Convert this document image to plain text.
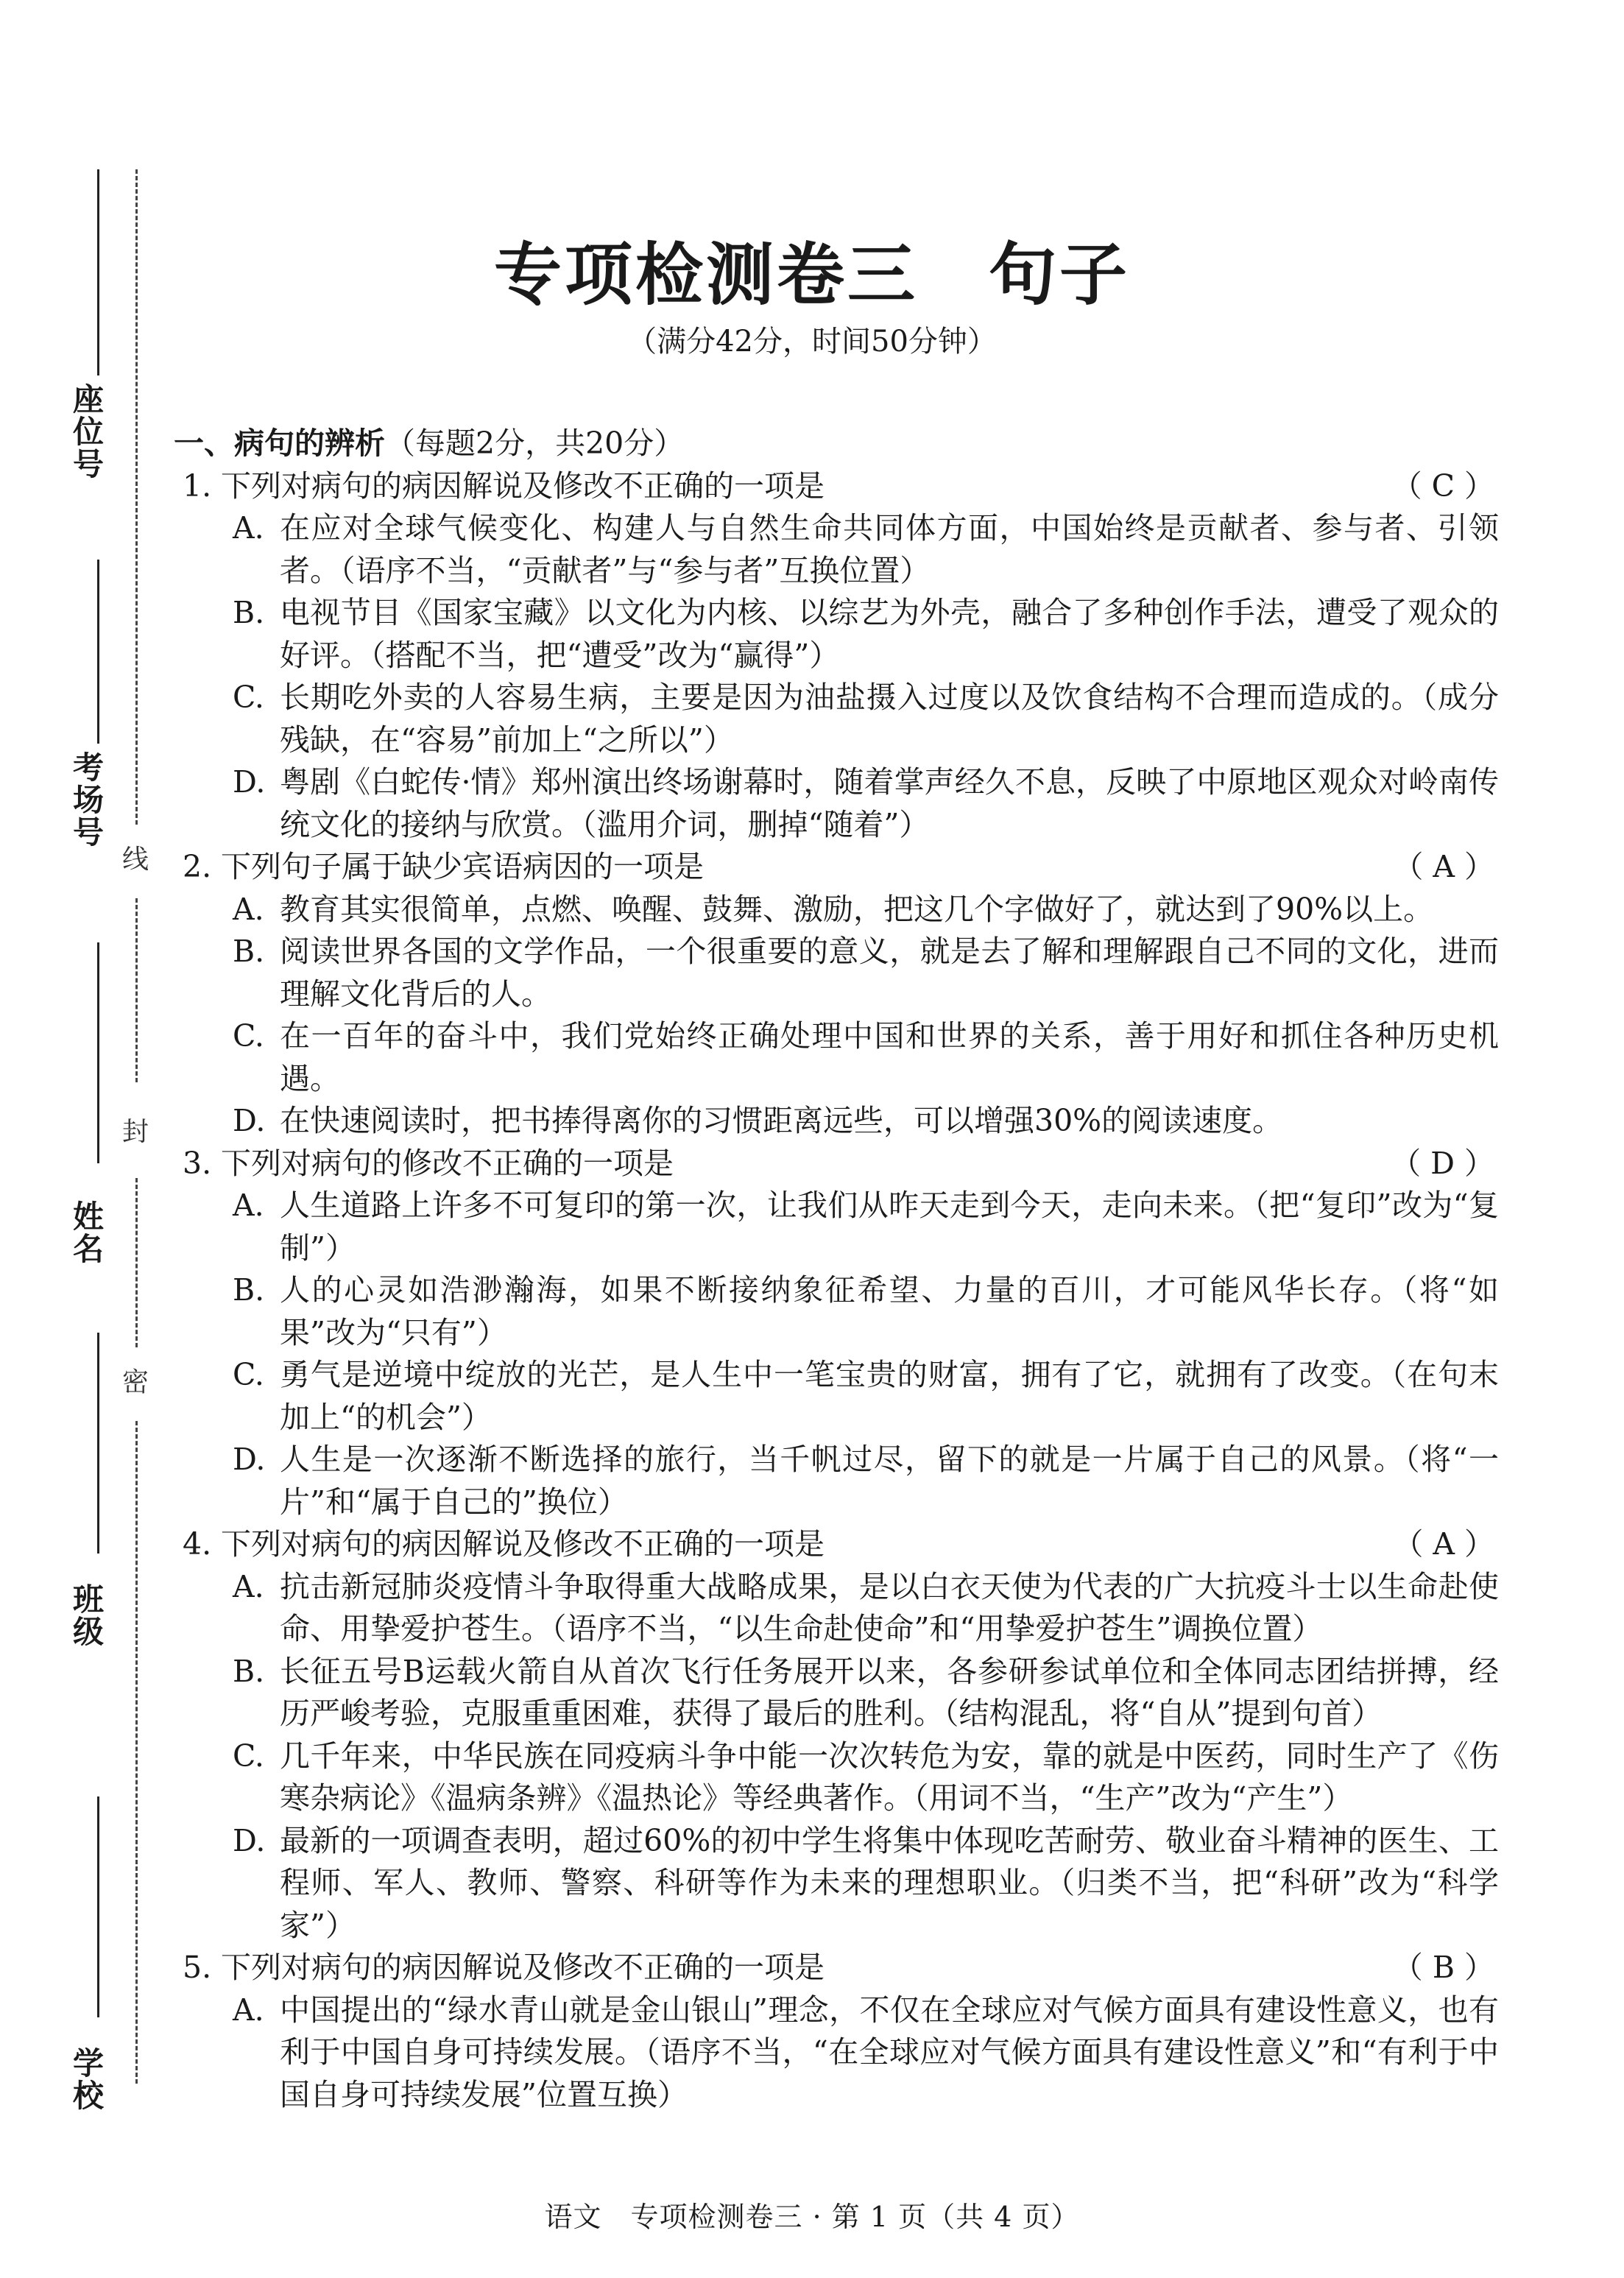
座位号
考场号
姓名
班级
学校
线
封
密
专项检测卷三　句子
（满分42分，时间50分钟）
一、病句的辨析（每题2分，共20分）
1. 下列对病句的病因解说及修改不正确的一项是	（ C ）
A. 在应对全球气候变化、构建人与自然生命共同体方面，中国始终是贡献者、参与者、引领者。（语序不当，“贡献者”与“参与者”互换位置）
B. 电视节目《国家宝藏》以文化为内核、以综艺为外壳，融合了多种创作手法，遭受了观众的好评。（搭配不当，把“遭受”改为“赢得”）
C. 长期吃外卖的人容易生病，主要是因为油盐摄入过度以及饮食结构不合理而造成的。（成分残缺，在“容易”前加上“之所以”）
D. 粤剧《白蛇传·情》郑州演出终场谢幕时，随着掌声经久不息，反映了中原地区观众对岭南传统文化的接纳与欣赏。（滥用介词，删掉“随着”）
2. 下列句子属于缺少宾语病因的一项是	（ A ）
A. 教育其实很简单，点燃、唤醒、鼓舞、激励，把这几个字做好了，就达到了90%以上。
B. 阅读世界各国的文学作品，一个很重要的意义，就是去了解和理解跟自己不同的文化，进而理解文化背后的人。
C. 在一百年的奋斗中，我们党始终正确处理中国和世界的关系，善于用好和抓住各种历史机遇。
D. 在快速阅读时，把书捧得离你的习惯距离远些，可以增强30%的阅读速度。
3. 下列对病句的修改不正确的一项是	（ D ）
A. 人生道路上许多不可复印的第一次，让我们从昨天走到今天，走向未来。（把“复印”改为“复制”）
B. 人的心灵如浩渺瀚海，如果不断接纳象征希望、力量的百川，才可能风华长存。（将“如果”改为“只有”）
C. 勇气是逆境中绽放的光芒，是人生中一笔宝贵的财富，拥有了它，就拥有了改变。（在句末加上“的机会”）
D. 人生是一次逐渐不断选择的旅行，当千帆过尽，留下的就是一片属于自己的风景。（将“一片”和“属于自己的”换位）
4. 下列对病句的病因解说及修改不正确的一项是	（ A ）
A. 抗击新冠肺炎疫情斗争取得重大战略成果，是以白衣天使为代表的广大抗疫斗士以生命赴使命、用挚爱护苍生。（语序不当，“以生命赴使命”和“用挚爱护苍生”调换位置）
B. 长征五号B运载火箭自从首次飞行任务展开以来，各参研参试单位和全体同志团结拼搏，经历严峻考验，克服重重困难，获得了最后的胜利。（结构混乱，将“自从”提到句首）
C. 几千年来，中华民族在同疫病斗争中能一次次转危为安，靠的就是中医药，同时生产了《伤寒杂病论》《温病条辨》《温热论》等经典著作。（用词不当，“生产”改为“产生”）
D. 最新的一项调查表明，超过60%的初中学生将集中体现吃苦耐劳、敬业奋斗精神的医生、工程师、军人、教师、警察、科研等作为未来的理想职业。（归类不当，把“科研”改为“科学家”）
5. 下列对病句的病因解说及修改不正确的一项是	（ B ）
A. 中国提出的“绿水青山就是金山银山”理念，不仅在全球应对气候方面具有建设性意义，也有利于中国自身可持续发展。（语序不当，“在全球应对气候方面具有建设性意义”和“有利于中国自身可持续发展”位置互换）
语文　专项检测卷三 · 第 1 页（共 4 页）
